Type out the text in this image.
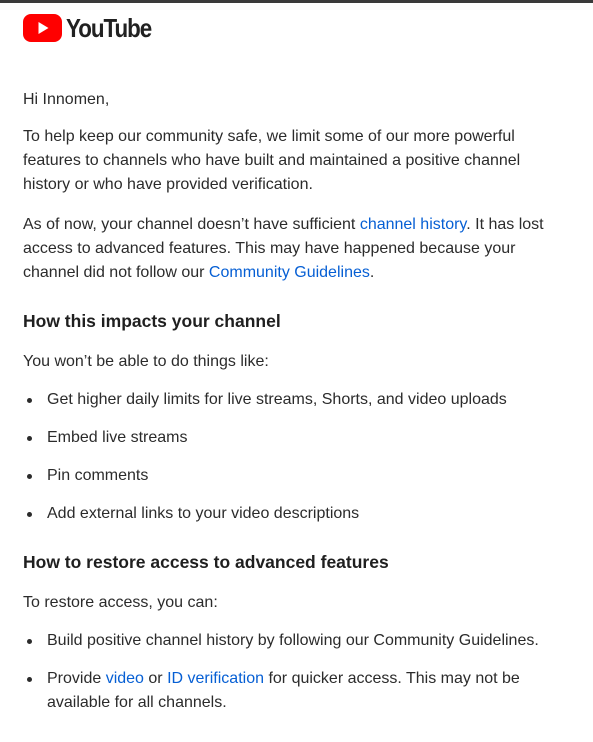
YouTube

Hi Innomen,

To help keep our community safe, we limit some of our more powerful features to channels who have built and maintained a positive channel history or who have provided verification.

As of now, your channel doesn’t have sufficient channel history. It has lost access to advanced features. This may have happened because your channel did not follow our Community Guidelines.

How this impacts your channel

You won’t be able to do things like:

Get higher daily limits for live streams, Shorts, and video uploads
Embed live streams
Pin comments
Add external links to your video descriptions
How to restore access to advanced features

To restore access, you can:

Build positive channel history by following our Community Guidelines.
Provide video or ID verification for quicker access. This may not be available for all channels.
